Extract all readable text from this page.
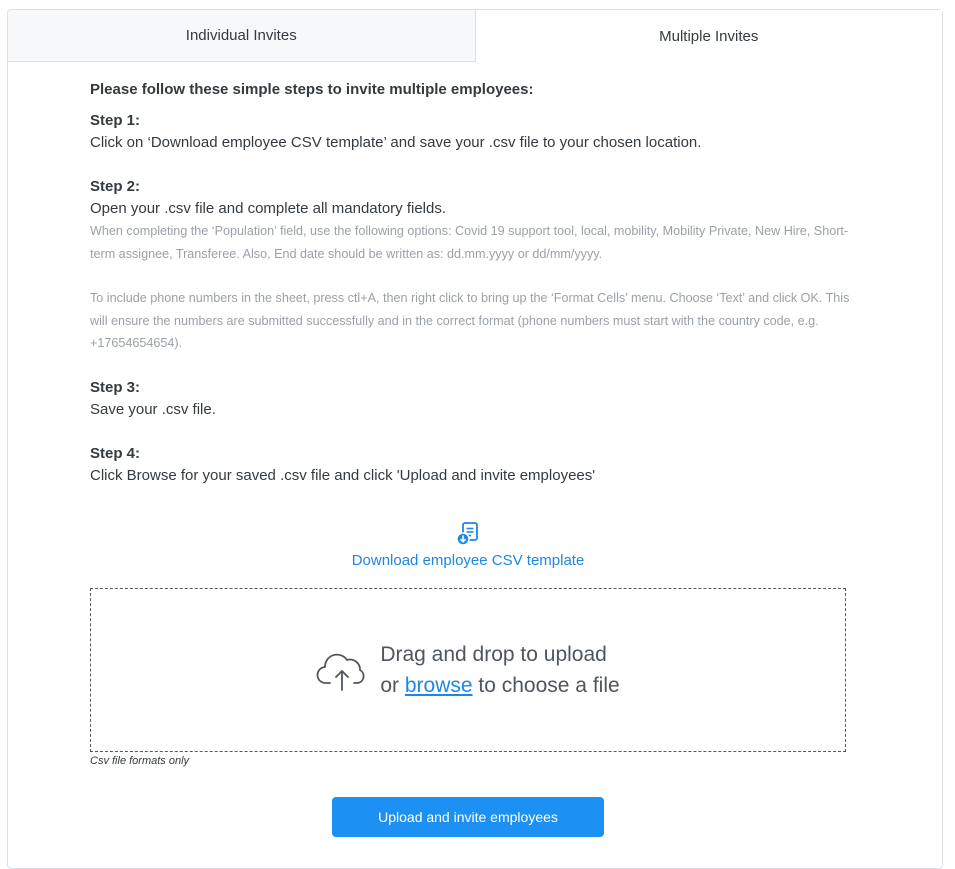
Individual Invites	Multiple Invites
Please follow these simple steps to invite multiple employees:
Step 1:
Click on ‘Download employee CSV template’ and save your .csv file to your chosen location.
Step 2:
Open your .csv file and complete all mandatory fields.
When completing the ‘Population’ field, use the following options: Covid 19 support tool, local, mobility, Mobility Private, New Hire, Short-term assignee, Transferee. Also, End date should be written as: dd.mm.yyyy or dd/mm/yyyy.
To include phone numbers in the sheet, press ctl+A, then right click to bring up the ‘Format Cells’ menu. Choose ‘Text’ and click OK. This will ensure the numbers are submitted successfully and in the correct format (phone numbers must start with the country code, e.g. +17654654654).
Step 3:
Save your .csv file.
Step 4:
Click Browse for your saved .csv file and click 'Upload and invite employees'
Download employee CSV template
Drag and drop to upload
or browse to choose a file
Csv file formats only
Upload and invite employees
